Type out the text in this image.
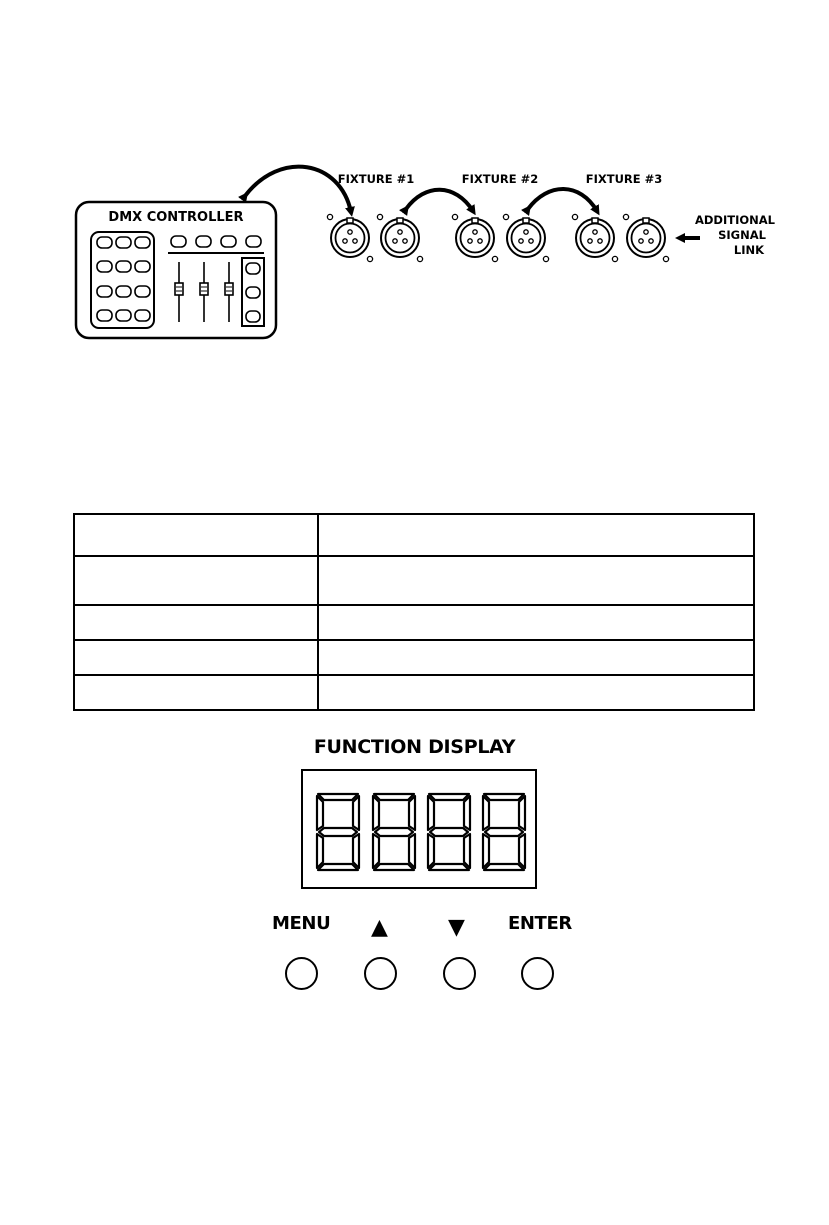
DMX CONTROLLER
FIXTURE #1	FIXTURE #2	FIXTURE #3
ADDITIONAL
SIGNAL
LINK
FUNCTION DISPLAY
MENU ▲	▼ ENTER
